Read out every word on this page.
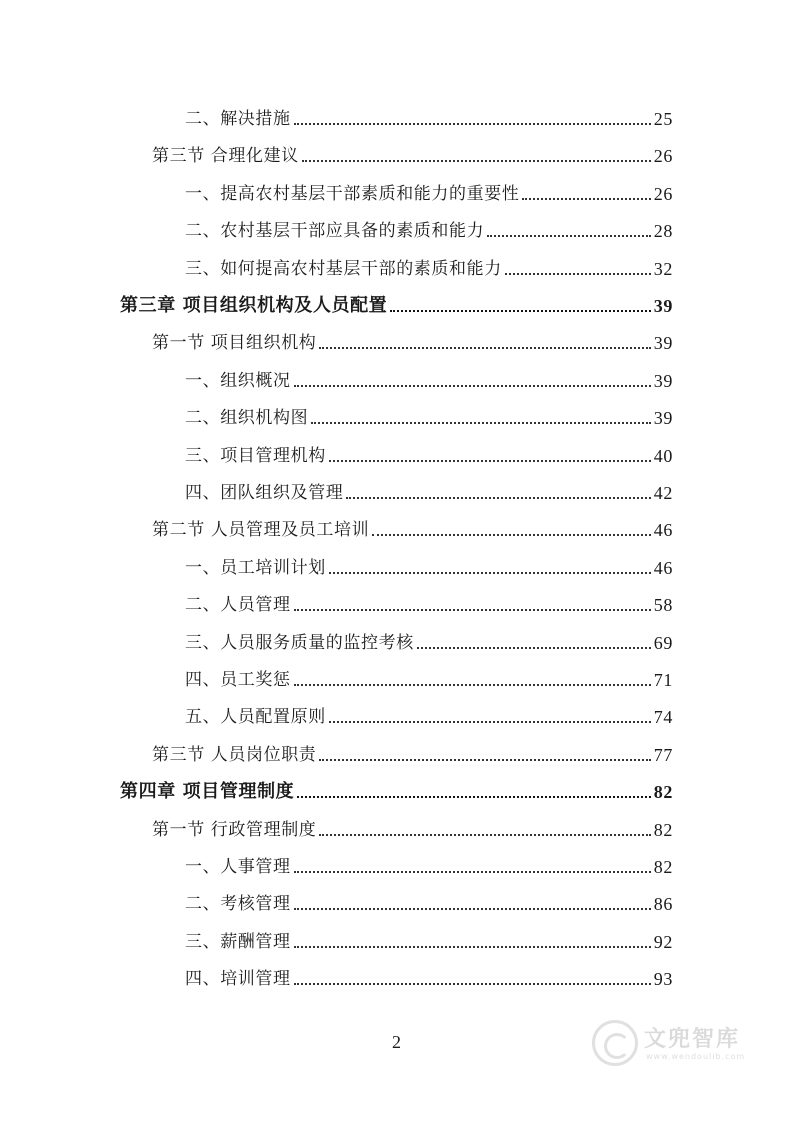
二、解决措施	25
第三节 合理化建议	26
一、提高农村基层干部素质和能力的重要性	26
二、农村基层干部应具备的素质和能力	28
三、如何提高农村基层干部的素质和能力	32
第三章 项目组织机构及人员配置	39
第一节 项目组织机构	39
一、组织概况	39
二、组织机构图	39
三、项目管理机构	40
四、团队组织及管理	42
第二节 人员管理及员工培训	46
一、员工培训计划	46
二、人员管理	58
三、人员服务质量的监控考核	69
四、员工奖惩	71
五、人员配置原则	74
第三节 人员岗位职责	77
第四章 项目管理制度	82
第一节 行政管理制度	82
一、人事管理	82
二、考核管理	86
三、薪酬管理	92
四、培训管理	93
2	文兜智库
www.wendoulib.com
